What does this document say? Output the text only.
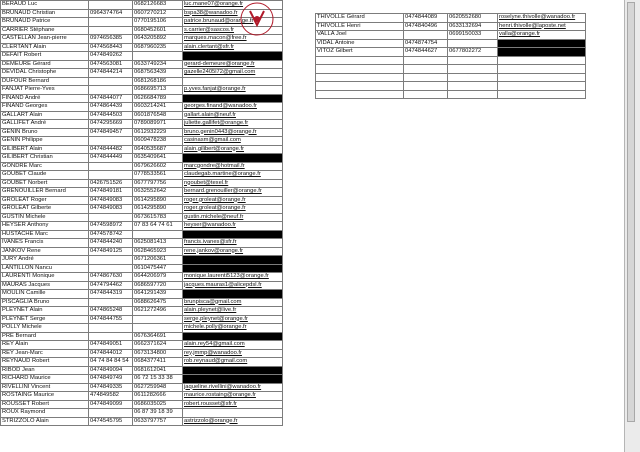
BERAUD Luc		0682126683	luc.mane07@orange.fr
BRUNAUD Christian	0964374764	0607270212	bspa38@wanadoo.fr
BRUNAUD Patrice		0770195106	patrice.brunaud@orange.fr
CARRIER Stéphane		0680452601	s.carrier@sascos.fr
CASTELLAN Jean-pierre	0974656385	0643205892	marques.macon@free.fr
CLERTANT Alain	0474568443	0687960235	alain.clertant@sfr.fr
DEFAIT Robert	0474849262		
DEMEURE Gérard	0474563081	0633749234	gerard-demeure@orange.fr
DEVIDAL Christophe	0474844214	0687563439	gazelle2405l72@gmail.com
DUFOUR Bernard		0681268186	
FANJAT Pierre-Yves		0686695713	p.yves.fanjat@orange.fr
FINAND André	0474844077	0626684789	
FINAND Georges	0474864439	0603214241	georges.finand@wanadoo.fr
GALLART Alain	0474844503	0601876548	gallart.alain@neuf.fr
GALLIFET André	0474295669	0789089971	juliette.gallifet@orange.fr
GENIN Bruno	0474849457	0612932229	bruno.genin0443@orange.fr
GENIN Philippe		0609478238	casinasm@gmail.com
GILIBERT Alain	0474844482	0640535687	alain.gilibert@orange.fr
GILIBERT Christian	0474844449	0635409641	
GONDRE Marc		0679626602	marcgondre@hotmail.fr
GOUBET Claude		0778533561	claudegab.martine@orange.fr
GOUBET Norbert	0426751526	0677797756	ngoubet@texel.fr
GRENOUILLER Bernard	0474849181	0632552642	bernard.grenouiller@orange.fr
GROLEAT Roger	0474849083	0614295890	roger.groleat@orange.fr
GROLEAT Gilberte	0474849083	0614295890	roger.groleat@orange.fr
GUSTIN Michele		0673615783	gustin.michele@neuf.fr
HEYSER Anthony	0474598972	07 83 64 74 61	heyser@wanadoo.fr
HUSTACHE Marc	0474578742		
IVANES Francis	0474844240	0625081413	francis.ivanes@sfr.fr
JANKOV Rene	0474849125	0628465923	rene.jankov@orange.fr
JURY André		0671206361	
LANTILLON Nancu		0610475447	
LAURENTI Monique	0474867630	0644206979	monique.laurenti5123@orange.fr
MAURAS Jacques	0474794462	0686597720	jacques.mauras1@alicepdsl.fr
MOULIN Camille	0474844319	0641291439	
PISCAGLIA Bruno		0688626475	brunpisca@gmail.com
PLEYNET Alain	0474865248	0621272496	alain.pleynet@live.fr
PLEYNET Serge	0474844755		serge.pleynet@orange.fr
POLLY Michele			michele.polly@orange.fr
PRE Bernard		0676364691	
REY Alain	0474849051	0662371624	alain.rey54@gmail.com
REY Jean-Marc	0474844012	0673134800	rey.jmmp@wanadoo.fr
REYNAUD Robert	04 74 84 84 54	0684377411	rob.reynaud@gmail.com
RIBOD Jean	0474849094	0681612041	
RICHARD Maurice	0474849749	06 72 15 33 38	
RIVELLINI Vincent	0474849335	0627259948	jaqueline.rivellini@wanadoo.fr
ROSTAING Maurice	474849582	0611282666	maurice.rostaing@orange.fr
ROUSSET Robert	0474849099	0686035025	robert.rousset@sfr.fr
ROUX Raymond		06 87 39 18 39	
STRIZZOLO Alain	0474545795	0633797757	astrizzolo@orange.fr
THIVOLLE Gérard	0474844089	0620552680	roselyne.thivolle@wanadoo.fr
THIVOLLE Henri	0474840496	0633132694	henri.thivolle@laposte.net
VALLA Joel		0699150033	valla@orange.fr
VIDAL Antoine	0474874754		
VITOZ Gilbert	0474844627	0677802272	
